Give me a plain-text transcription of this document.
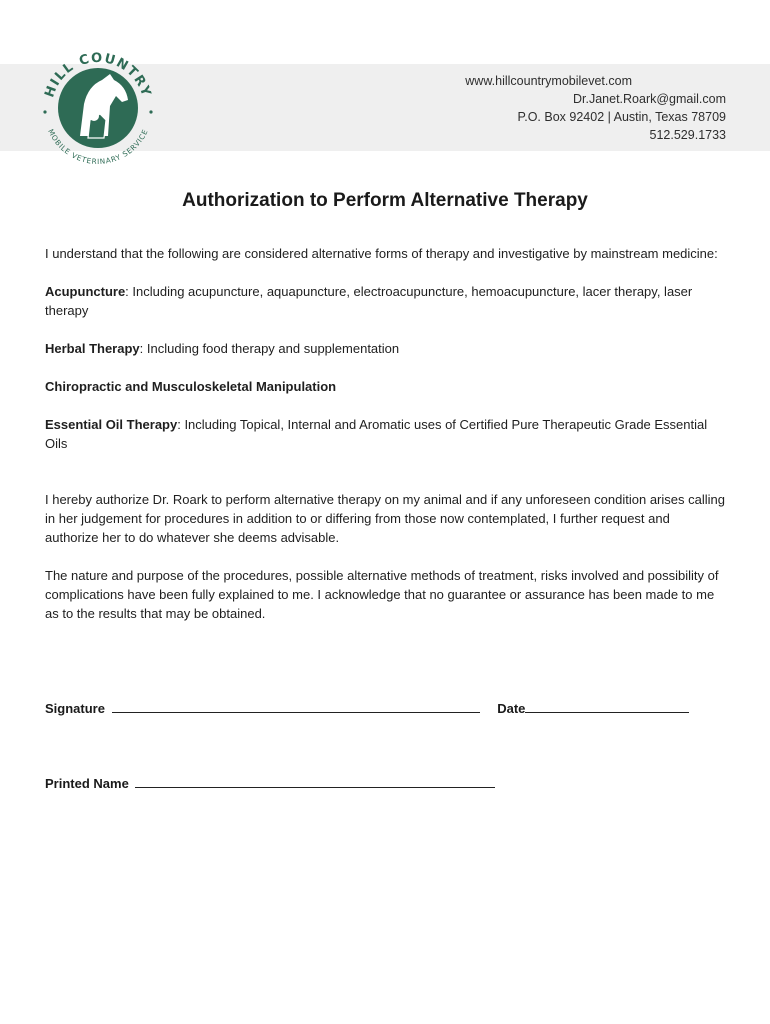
HILL COUNTRY
MOBILE VETERINARY SERVICE
www.hillcountrymobilevet.com
Dr.Janet.Roark@gmail.com
P.O. Box 92402 | Austin, Texas 78709
512.529.1733
Authorization to Perform Alternative Therapy

I understand that the following are considered alternative forms of therapy and investigative by mainstream medicine:

Acupuncture: Including acupuncture, aquapuncture, electroacupuncture, hemoacupuncture, lacer therapy, laser therapy

Herbal Therapy: Including food therapy and supplementation

Chiropractic and Musculoskeletal Manipulation

Essential Oil Therapy: Including Topical, Internal and Aromatic uses of Certified Pure Therapeutic Grade Essential Oils

I hereby authorize Dr. Roark to perform alternative therapy on my animal and if any unforeseen condition arises calling in her judgement for procedures in addition to or differing from those now contemplated, I further request and authorize her to do whatever she deems advisable.

The nature and purpose of the procedures, possible alternative methods of treatment, risks involved and possibility of complications have been fully explained to me. I acknowledge that no guarantee or assurance has been made to me as to the results that may be obtained.

Signature	Date
Printed Name
